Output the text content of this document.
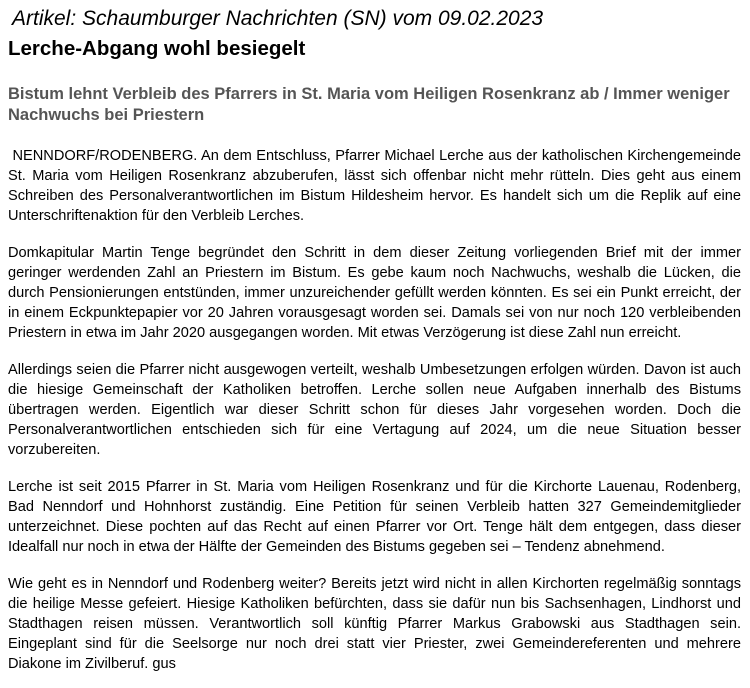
Artikel: Schaumburger Nachrichten (SN) vom 09.02.2023
Lerche-Abgang wohl besiegelt
Bistum lehnt Verbleib des Pfarrers in St. Maria vom Heiligen Rosenkranz ab / Immer weniger Nachwuchs bei Priestern

NENNDORF/RODENBERG. An dem Entschluss, Pfarrer Michael Lerche aus der katholischen Kirchengemeinde St. Maria vom Heiligen Rosenkranz abzuberufen, lässt sich offenbar nicht mehr rütteln. Dies geht aus einem Schreiben des Personalverantwortlichen im Bistum Hildesheim hervor. Es handelt sich um die Replik auf eine Unterschriftenaktion für den Verbleib Lerches.

Domkapitular Martin Tenge begründet den Schritt in dem dieser Zeitung vorliegenden Brief mit der immer geringer werdenden Zahl an Priestern im Bistum. Es gebe kaum noch Nachwuchs, weshalb die Lücken, die durch Pensionierungen entstünden, immer unzureichender gefüllt werden könnten. Es sei ein Punkt erreicht, der in einem Eckpunktepapier vor 20 Jahren vorausgesagt worden sei. Damals sei von nur noch 120 verbleibenden Priestern in etwa im Jahr 2020 ausgegangen worden. Mit etwas Verzögerung ist diese Zahl nun erreicht.

Allerdings seien die Pfarrer nicht ausgewogen verteilt, weshalb Umbesetzungen erfolgen würden. Davon ist auch die hiesige Gemeinschaft der Katholiken betroffen. Lerche sollen neue Aufgaben innerhalb des Bistums übertragen werden. Eigentlich war dieser Schritt schon für dieses Jahr vorgesehen worden. Doch die Personalverantwortlichen entschieden sich für eine Vertagung auf 2024, um die neue Situation besser vorzubereiten.

Lerche ist seit 2015 Pfarrer in St. Maria vom Heiligen Rosenkranz und für die Kirchorte Lauenau, Rodenberg, Bad Nenndorf und Hohnhorst zuständig. Eine Petition für seinen Verbleib hatten 327 Gemeindemitglieder unterzeichnet. Diese pochten auf das Recht auf einen Pfarrer vor Ort. Tenge hält dem entgegen, dass dieser Idealfall nur noch in etwa der Hälfte der Gemeinden des Bistums gegeben sei – Tendenz abnehmend.

Wie geht es in Nenndorf und Rodenberg weiter? Bereits jetzt wird nicht in allen Kirchorten regelmäßig sonntags die heilige Messe gefeiert. Hiesige Katholiken befürchten, dass sie dafür nun bis Sachsenhagen, Lindhorst und Stadthagen reisen müssen. Verantwortlich soll künftig Pfarrer Markus Grabowski aus Stadthagen sein. Eingeplant sind für die Seelsorge nur noch drei statt vier Priester, zwei Gemeindereferenten und mehrere Diakone im Zivilberuf. gus
